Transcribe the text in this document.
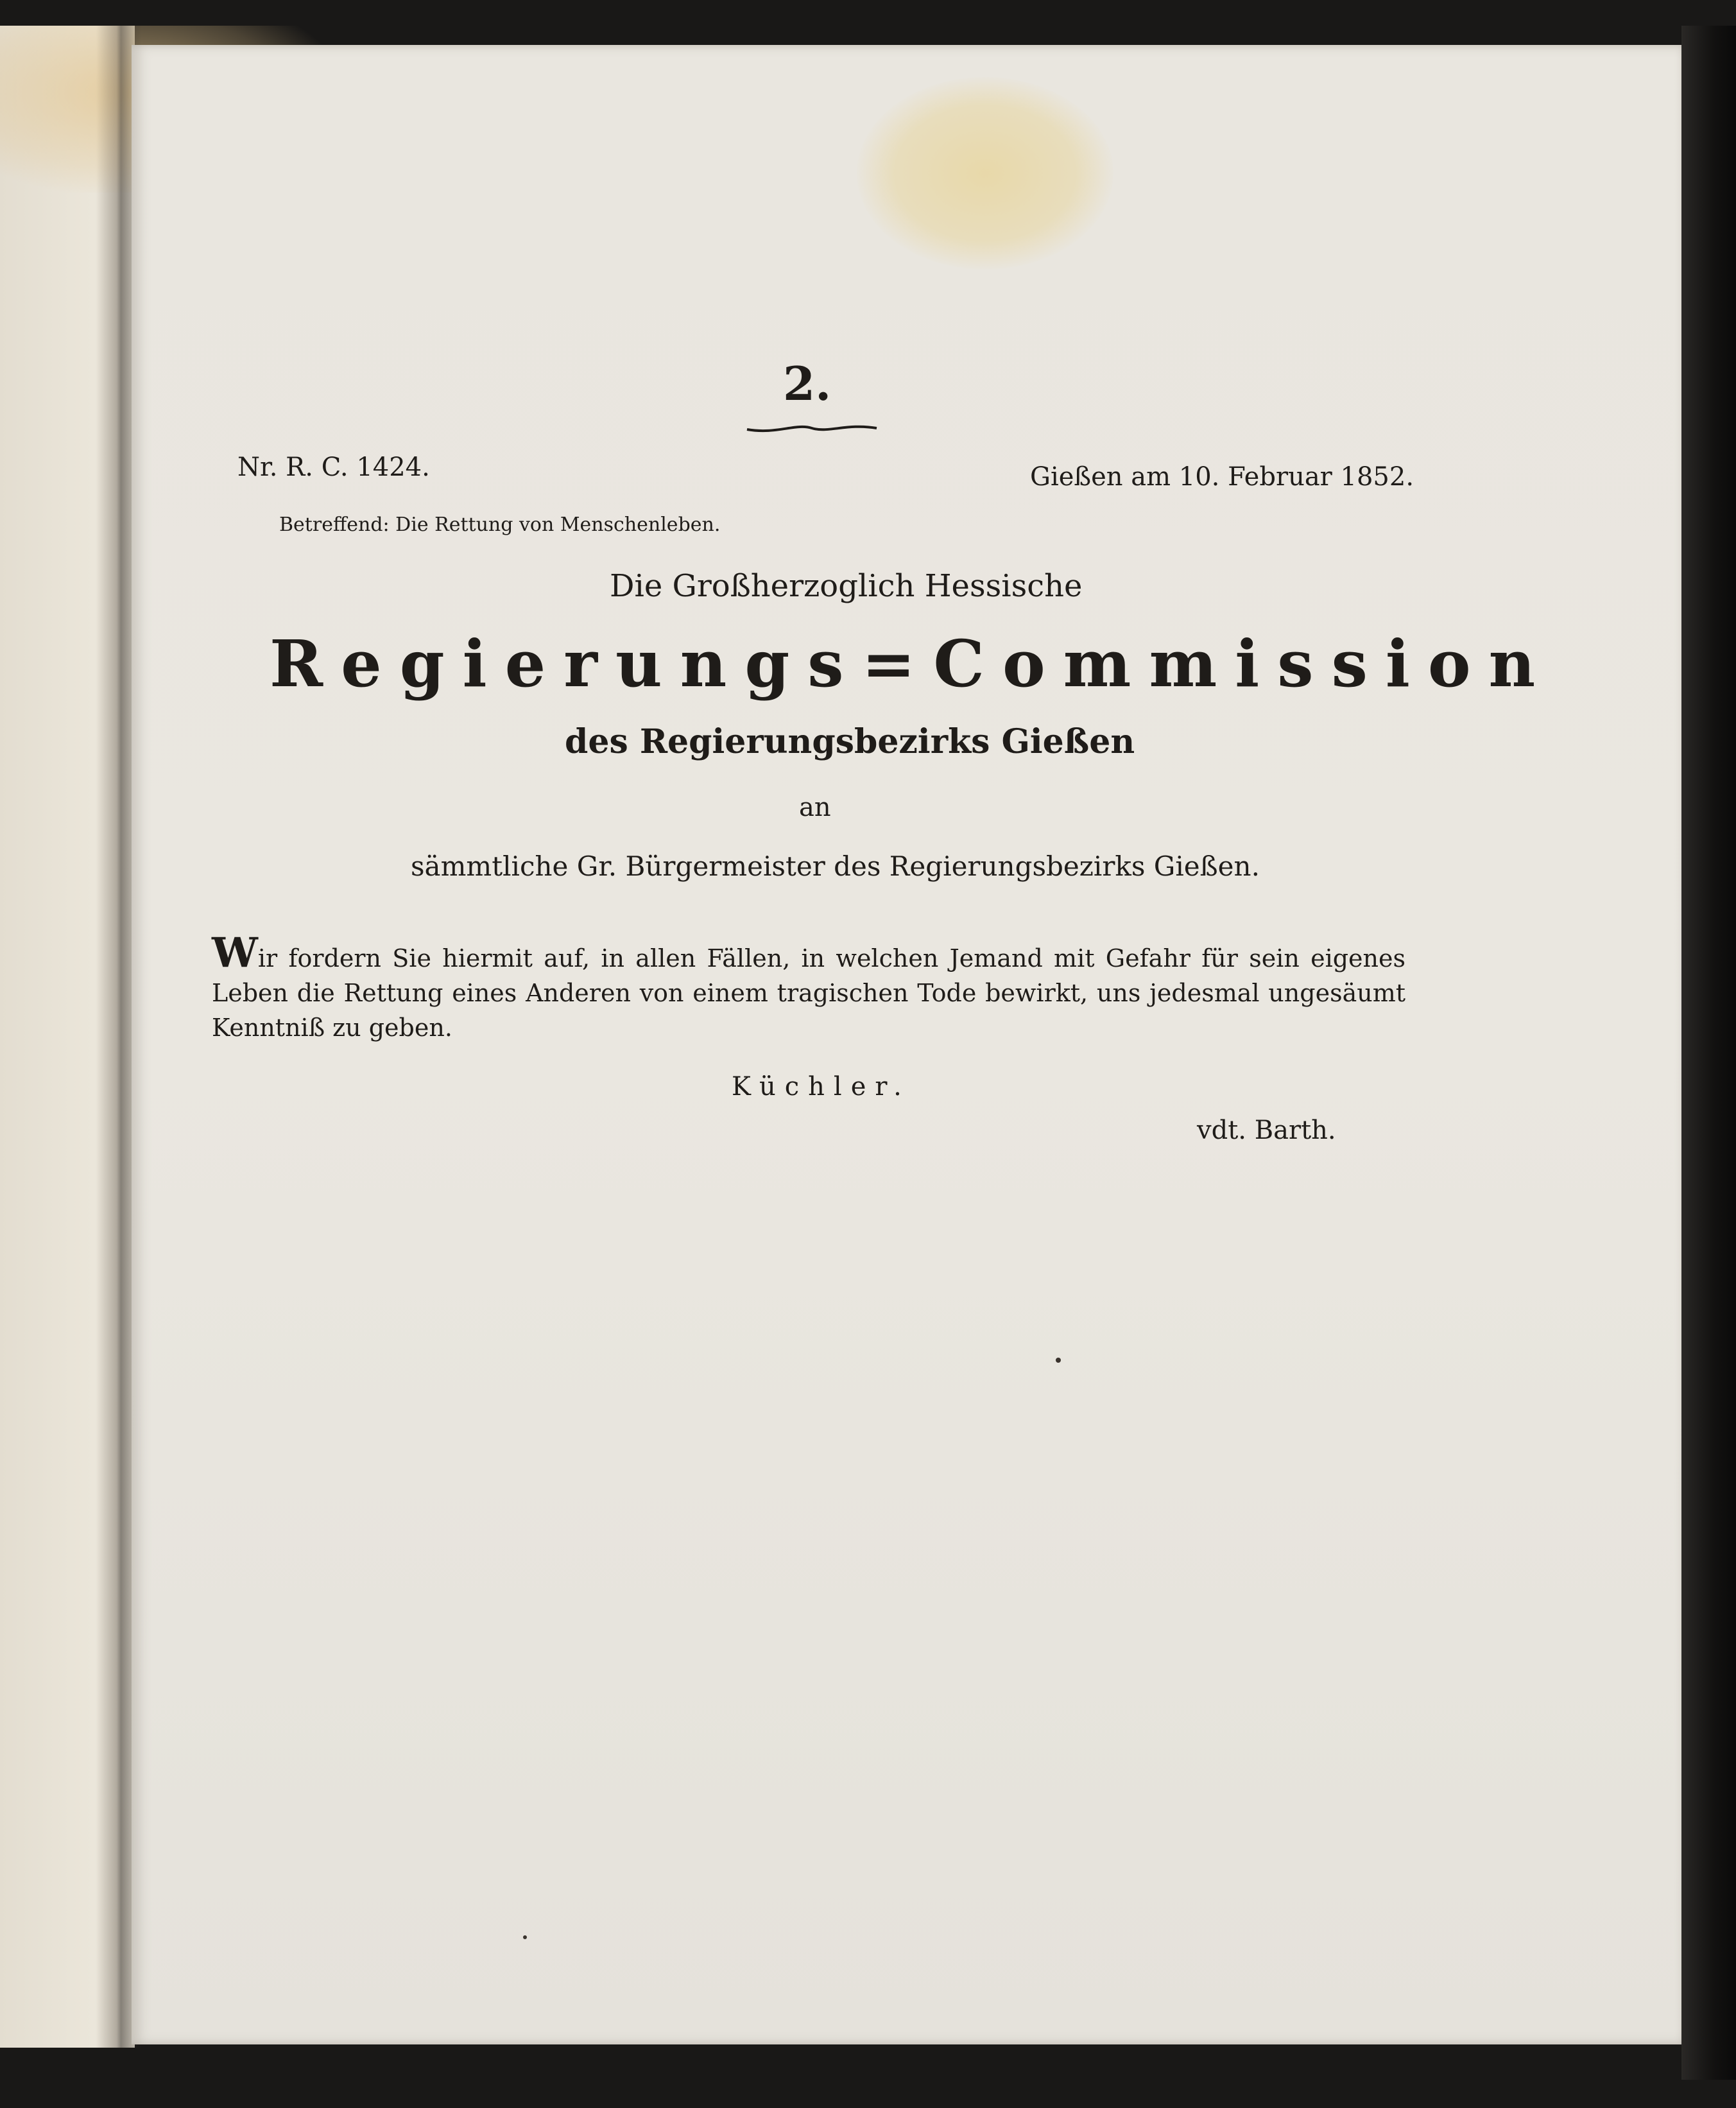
2.
Nr. R. C. 1424.	Gießen am 10. Februar 1852.
Betreffend: Die Rettung von Menschenleben.
Die Großherzoglich Hessische
Regierungs=Commission
des Regierungsbezirks Gießen
an
sämmtliche Gr. Bürgermeister des Regierungsbezirks Gießen.
Wir fordern Sie hiermit auf, in allen Fällen, in welchen Jemand mit Gefahr für sein eigenes Leben die Rettung eines Anderen von einem tragischen Tode bewirkt, uns jedesmal ungesäumt Kenntniß zu geben.
Küchler.
vdt. Barth.
